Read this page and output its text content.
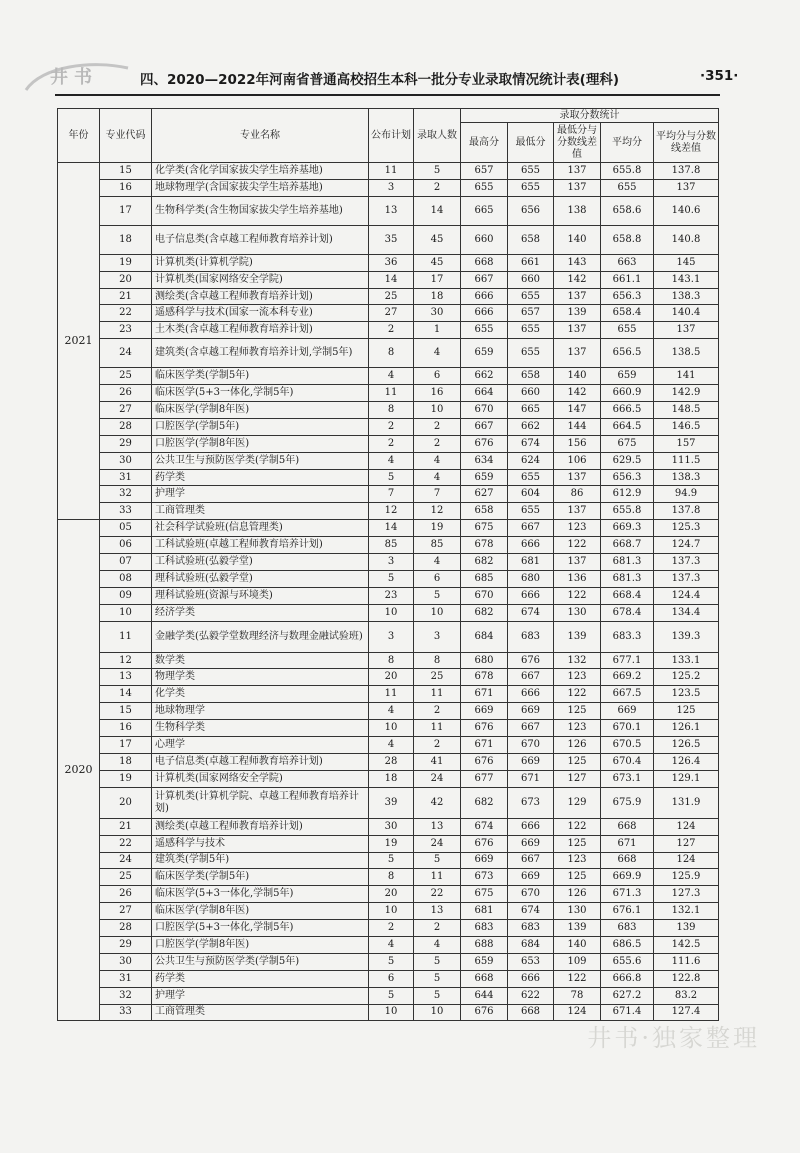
井书	四、2020—2022年河南省普通高校招生本科一批分专业录取情况统计表(理科)	·351·
年份	专业代码	专业名称	公布计划	录取人数	录取分数统计				
					最高分	最低分	最低分与分数线差值	平均分	平均分与分数线差值
2021	15	化学类(含化学国家拔尖学生培养基地)	11	5	657	655	137	655.8	137.8
	16	地球物理学(含国家拔尖学生培养基地)	3	2	655	655	137	655	137
	17	生物科学类(含生物国家拔尖学生培养基地)	13	14	665	656	138	658.6	140.6
	18	电子信息类(含卓越工程师教育培养计划)	35	45	660	658	140	658.8	140.8
	19	计算机类(计算机学院)	36	45	668	661	143	663	145
	20	计算机类(国家网络安全学院)	14	17	667	660	142	661.1	143.1
	21	测绘类(含卓越工程师教育培养计划)	25	18	666	655	137	656.3	138.3
	22	遥感科学与技术(国家一流本科专业)	27	30	666	657	139	658.4	140.4
	23	土木类(含卓越工程师教育培养计划)	2	1	655	655	137	655	137
	24	建筑类(含卓越工程师教育培养计划,学制5年)	8	4	659	655	137	656.5	138.5
	25	临床医学类(学制5年)	4	6	662	658	140	659	141
	26	临床医学(5+3一体化,学制5年)	11	16	664	660	142	660.9	142.9
	27	临床医学(学制8年医)	8	10	670	665	147	666.5	148.5
	28	口腔医学(学制5年)	2	2	667	662	144	664.5	146.5
	29	口腔医学(学制8年医)	2	2	676	674	156	675	157
	30	公共卫生与预防医学类(学制5年)	4	4	634	624	106	629.5	111.5
	31	药学类	5	4	659	655	137	656.3	138.3
	32	护理学	7	7	627	604	86	612.9	94.9
	33	工商管理类	12	12	658	655	137	655.8	137.8
2020	05	社会科学试验班(信息管理类)	14	19	675	667	123	669.3	125.3
	06	工科试验班(卓越工程师教育培养计划)	85	85	678	666	122	668.7	124.7
	07	工科试验班(弘毅学堂)	3	4	682	681	137	681.3	137.3
	08	理科试验班(弘毅学堂)	5	6	685	680	136	681.3	137.3
	09	理科试验班(资源与环境类)	23	5	670	666	122	668.4	124.4
	10	经济学类	10	10	682	674	130	678.4	134.4
	11	金融学类(弘毅学堂数理经济与数理金融试验班)	3	3	684	683	139	683.3	139.3
	12	数学类	8	8	680	676	132	677.1	133.1
	13	物理学类	20	25	678	667	123	669.2	125.2
	14	化学类	11	11	671	666	122	667.5	123.5
	15	地球物理学	4	2	669	669	125	669	125
	16	生物科学类	10	11	676	667	123	670.1	126.1
	17	心理学	4	2	671	670	126	670.5	126.5
	18	电子信息类(卓越工程师教育培养计划)	28	41	676	669	125	670.4	126.4
	19	计算机类(国家网络安全学院)	18	24	677	671	127	673.1	129.1
	20	计算机类(计算机学院、卓越工程师教育培养计划)	39	42	682	673	129	675.9	131.9
	21	测绘类(卓越工程师教育培养计划)	30	13	674	666	122	668	124
	22	遥感科学与技术	19	24	676	669	125	671	127
	24	建筑类(学制5年)	5	5	669	667	123	668	124
	25	临床医学类(学制5年)	8	11	673	669	125	669.9	125.9
	26	临床医学(5+3一体化,学制5年)	20	22	675	670	126	671.3	127.3
	27	临床医学(学制8年医)	10	13	681	674	130	676.1	132.1
	28	口腔医学(5+3一体化,学制5年)	2	2	683	683	139	683	139
	29	口腔医学(学制8年医)	4	4	688	684	140	686.5	142.5
	30	公共卫生与预防医学类(学制5年)	5	5	659	653	109	655.6	111.6
	31	药学类	6	5	668	666	122	666.8	122.8
	32	护理学	5	5	644	622	78	627.2	83.2
	33	工商管理类	10	10	676	668	124	671.4	127.4
井书·独家整理
